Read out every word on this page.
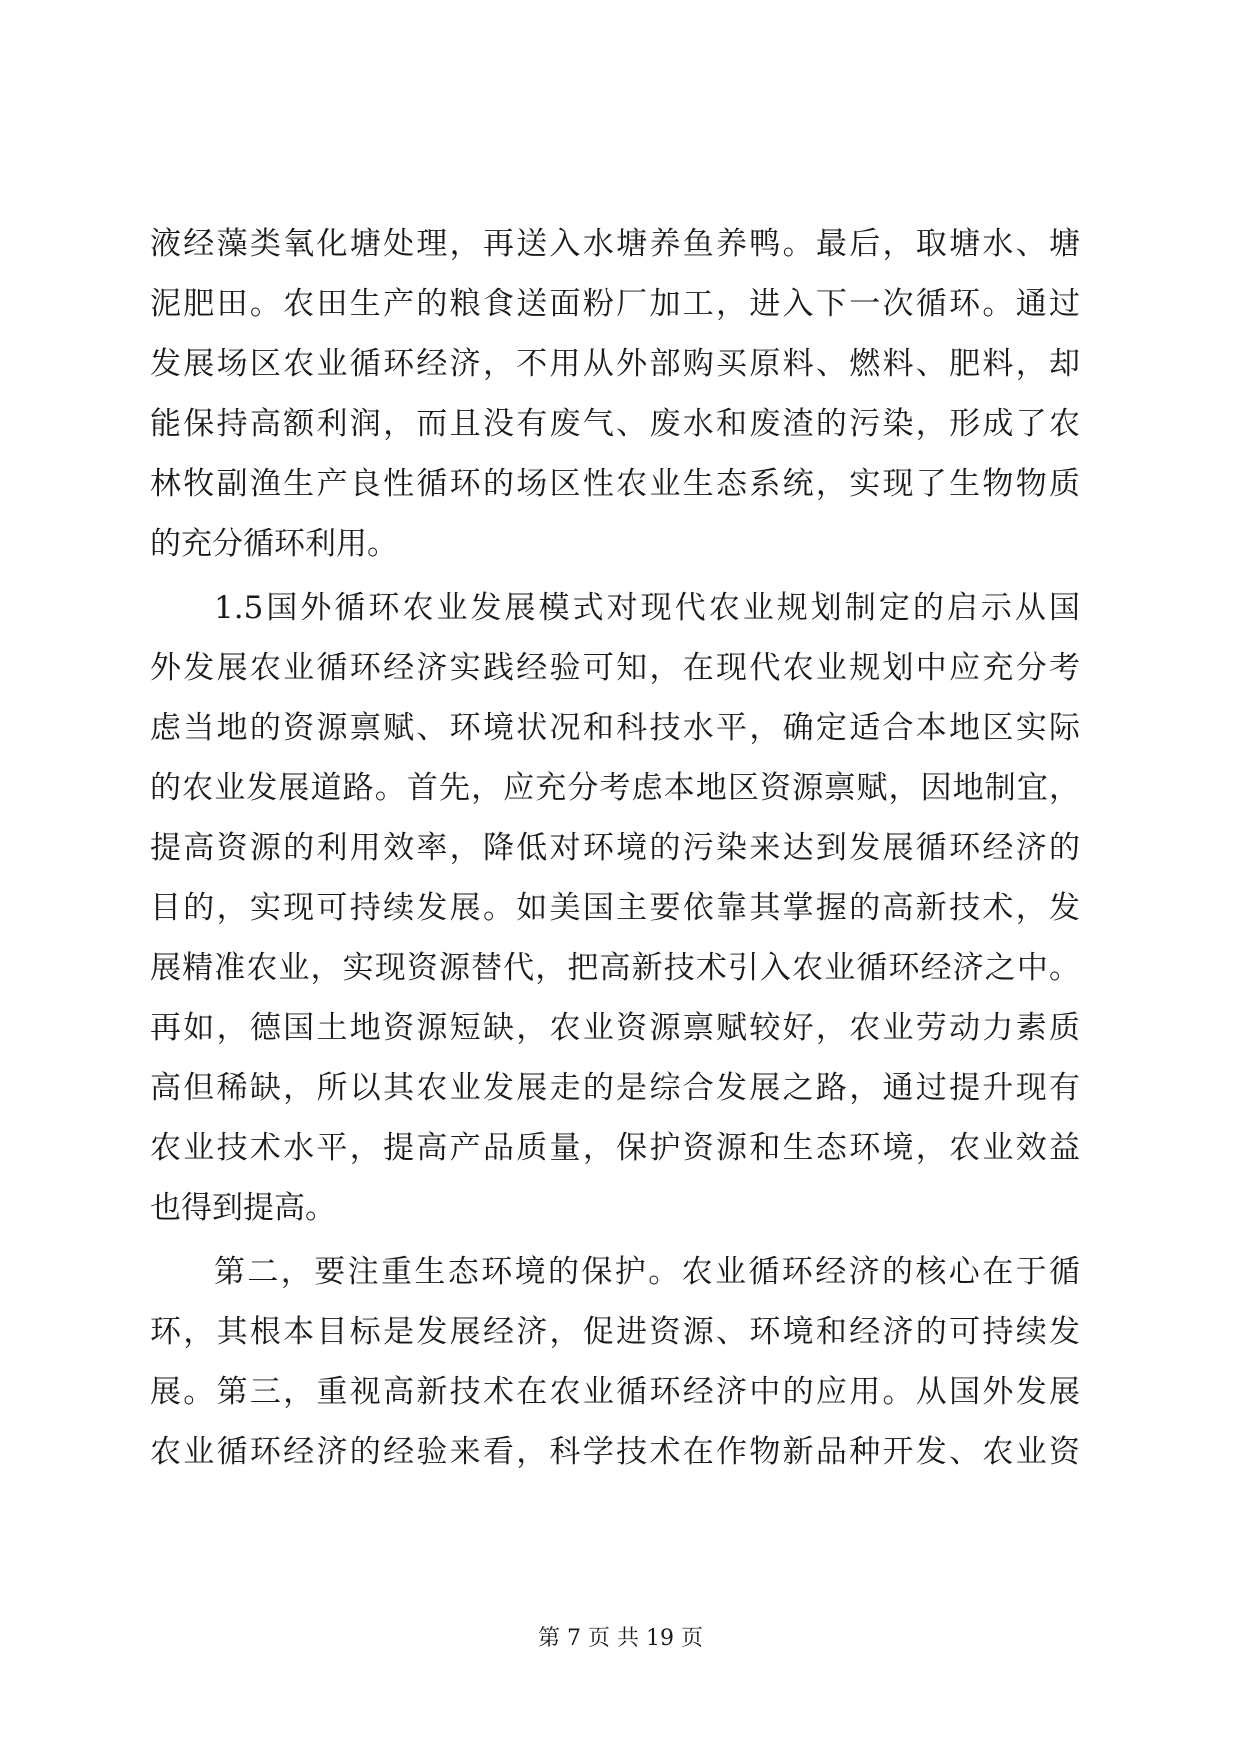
液经藻类氧化塘处理，再送入水塘养鱼养鸭。最后，取塘水、塘
泥肥田。农田生产的粮食送面粉厂加工，进入下一次循环。通过
发展场区农业循环经济，不用从外部购买原料、燃料、肥料，却
能保持高额利润，而且没有废气、废水和废渣的污染，形成了农
林牧副渔生产良性循环的场区性农业生态系统，实现了生物物质
的充分循环利用。
1.5国外循环农业发展模式对现代农业规划制定的启示从国
外发展农业循环经济实践经验可知，在现代农业规划中应充分考
虑当地的资源禀赋、环境状况和科技水平，确定适合本地区实际
的农业发展道路。首先，应充分考虑本地区资源禀赋，因地制宜，
提高资源的利用效率，降低对环境的污染来达到发展循环经济的
目的，实现可持续发展。如美国主要依靠其掌握的高新技术，发
展精准农业，实现资源替代，把高新技术引入农业循环经济之中。
再如，德国土地资源短缺，农业资源禀赋较好，农业劳动力素质
高但稀缺，所以其农业发展走的是综合发展之路，通过提升现有
农业技术水平，提高产品质量，保护资源和生态环境，农业效益
也得到提高。
第二，要注重生态环境的保护。农业循环经济的核心在于循
环，其根本目标是发展经济，促进资源、环境和经济的可持续发
展。第三，重视高新技术在农业循环经济中的应用。从国外发展
农业循环经济的经验来看，科学技术在作物新品种开发、农业资
第 7 页 共 19 页
